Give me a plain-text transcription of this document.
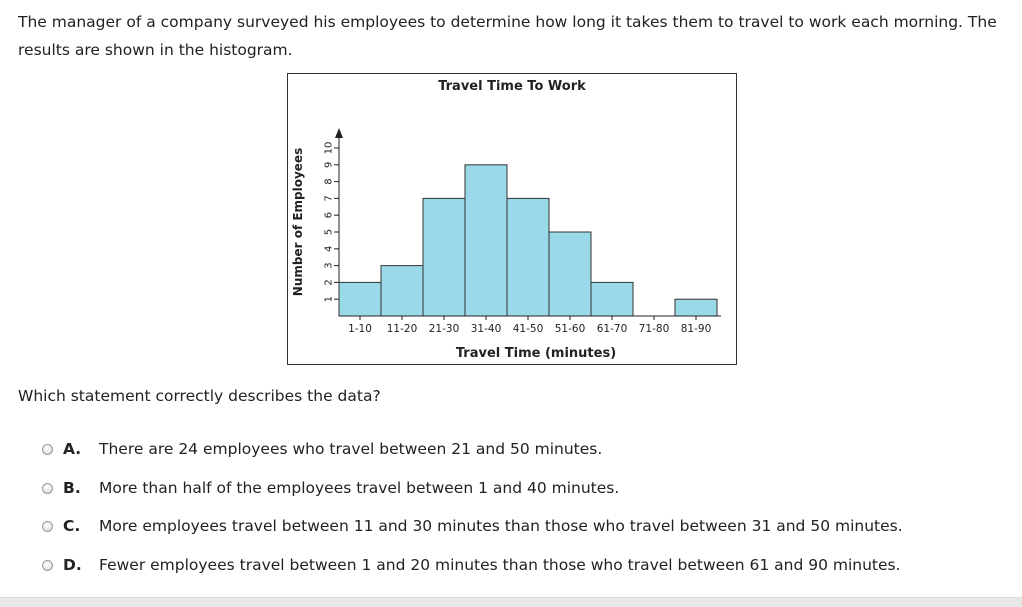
The manager of a company surveyed his employees to determine how long it takes them to travel to work each morning. The results are shown in the histogram.
Travel Time To Work
Travel Time (minutes)
Number of Employees
1
2
3
4
5
6
7
8
9
10
1-10 11-20 21-30 31-40 41-50 51-60 61-70 71-80 81-90
Which statement correctly describes the data?
A. There are 24 employees who travel between 21 and 50 minutes.
B. More than half of the employees travel between 1 and 40 minutes.
C. More employees travel between 11 and 30 minutes than those who travel between 31 and 50 minutes.
D. Fewer employees travel between 1 and 20 minutes than those who travel between 61 and 90 minutes.
